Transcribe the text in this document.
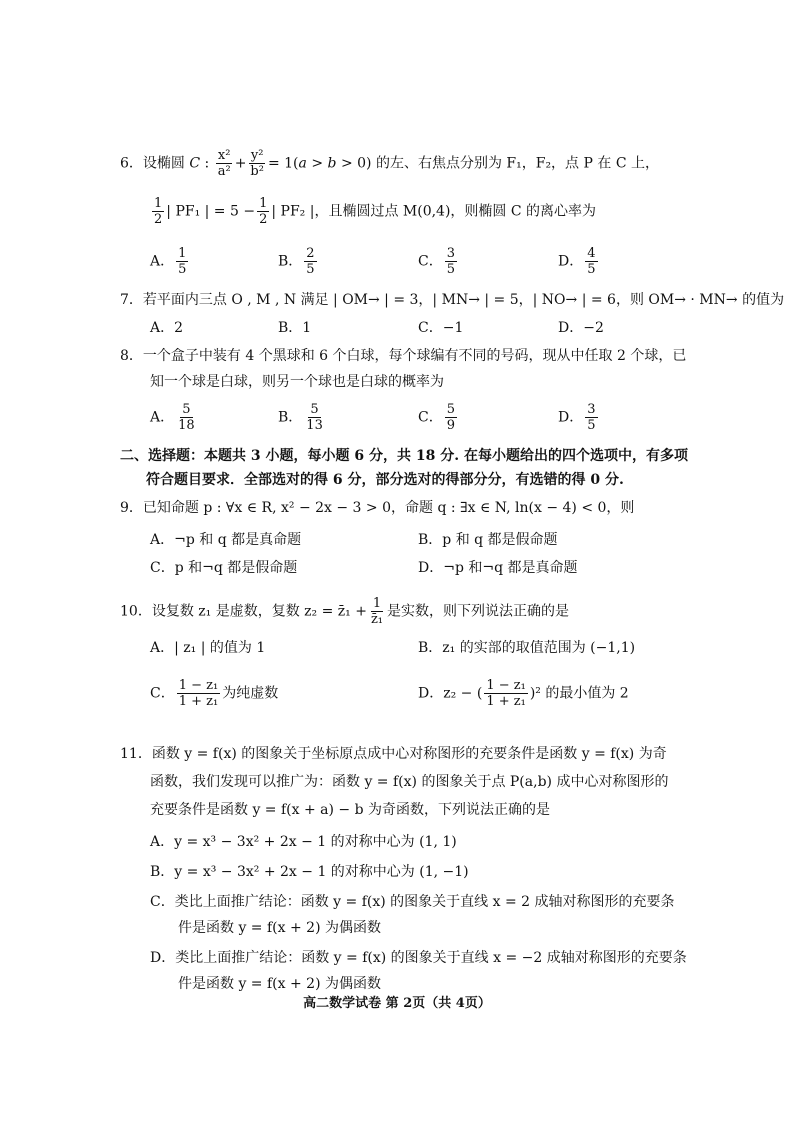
6．设椭圆 C : $\frac{\text{x²}}{\text{a²}} + \frac{\text{y²}}{\text{b²}} = 1(a > b > 0)$ 的左、右焦点分别为 F₁，F₂，点 P 在 C 上，
$\frac{1}{2}$ | PF₁ | = $5 - \frac{1}{2}$ | PF₂ |，且椭圆过点 M(0,4)，则椭圆 C 的离心率为
A． $\frac{1}{5}$	B． $\frac{2}{5}$	C． $\frac{3}{5}$	D． $\frac{4}{5}$
7．若平面内三点 O , M , N 满足 | OM→ | = 3，| MN→ | = 5，| NO→ | = 6，则 OM→ · MN→ 的值为
A．2	B．1	C．−1	D．−2
8．一个盒子中装有 4 个黑球和 6 个白球，每个球编有不同的号码，现从中任取 2 个球，已
知一个球是白球，则另一个球也是白球的概率为
A． $\frac{5}{18}$	B． $\frac{5}{13}$	C． $\frac{5}{9}$	D． $\frac{3}{5}$
二、选择题：本题共 3 小题，每小题 6 分，共 18 分. 在每小题给出的四个选项中，有多项
符合题目要求．全部选对的得 6 分，部分选对的得部分分，有选错的得 0 分.
9．已知命题 p : ∀x ∈ R, x² − 2x − 3 > 0，命题 q : ∃x ∈ N, ln(x − 4) < 0，则
A．¬p 和 q 都是真命题	B．p 和 q 都是假命题
C．p 和¬q 都是假命题	D．¬p 和¬q 都是真命题
10．设复数 z₁ 是虚数，复数 z₂ = z̄₁ + $\frac{1}{\text{z̄₁}}$ 是实数，则下列说法正确的是
A．| z₁ | 的值为 1	B．z₁ 的实部的取值范围为 (−1,1)
C． $\frac{\text{1 − z₁}}{\text{1 + z₁}}$ 为纯虚数	D．z₂ − ( $\frac{\text{1 − z₁}}{\text{1 + z₁}} )^2$ 的最小值为 2
11．函数 y = f(x) 的图象关于坐标原点成中心对称图形的充要条件是函数 y = f(x) 为奇
函数，我们发现可以推广为：函数 y = f(x) 的图象关于点 P(a,b) 成中心对称图形的
充要条件是函数 y = f(x + a) − b 为奇函数，下列说法正确的是
A．y = x³ − 3x² + 2x − 1 的对称中心为 (1, 1)
B．y = x³ − 3x² + 2x − 1 的对称中心为 (1, −1)
C．类比上面推广结论：函数 y = f(x) 的图象关于直线 x = 2 成轴对称图形的充要条
件是函数 y = f(x + 2) 为偶函数
D．类比上面推广结论：函数 y = f(x) 的图象关于直线 x = −2 成轴对称图形的充要条
件是函数 y = f(x + 2) 为偶函数
高二数学试卷 第 2页（共 4页）
